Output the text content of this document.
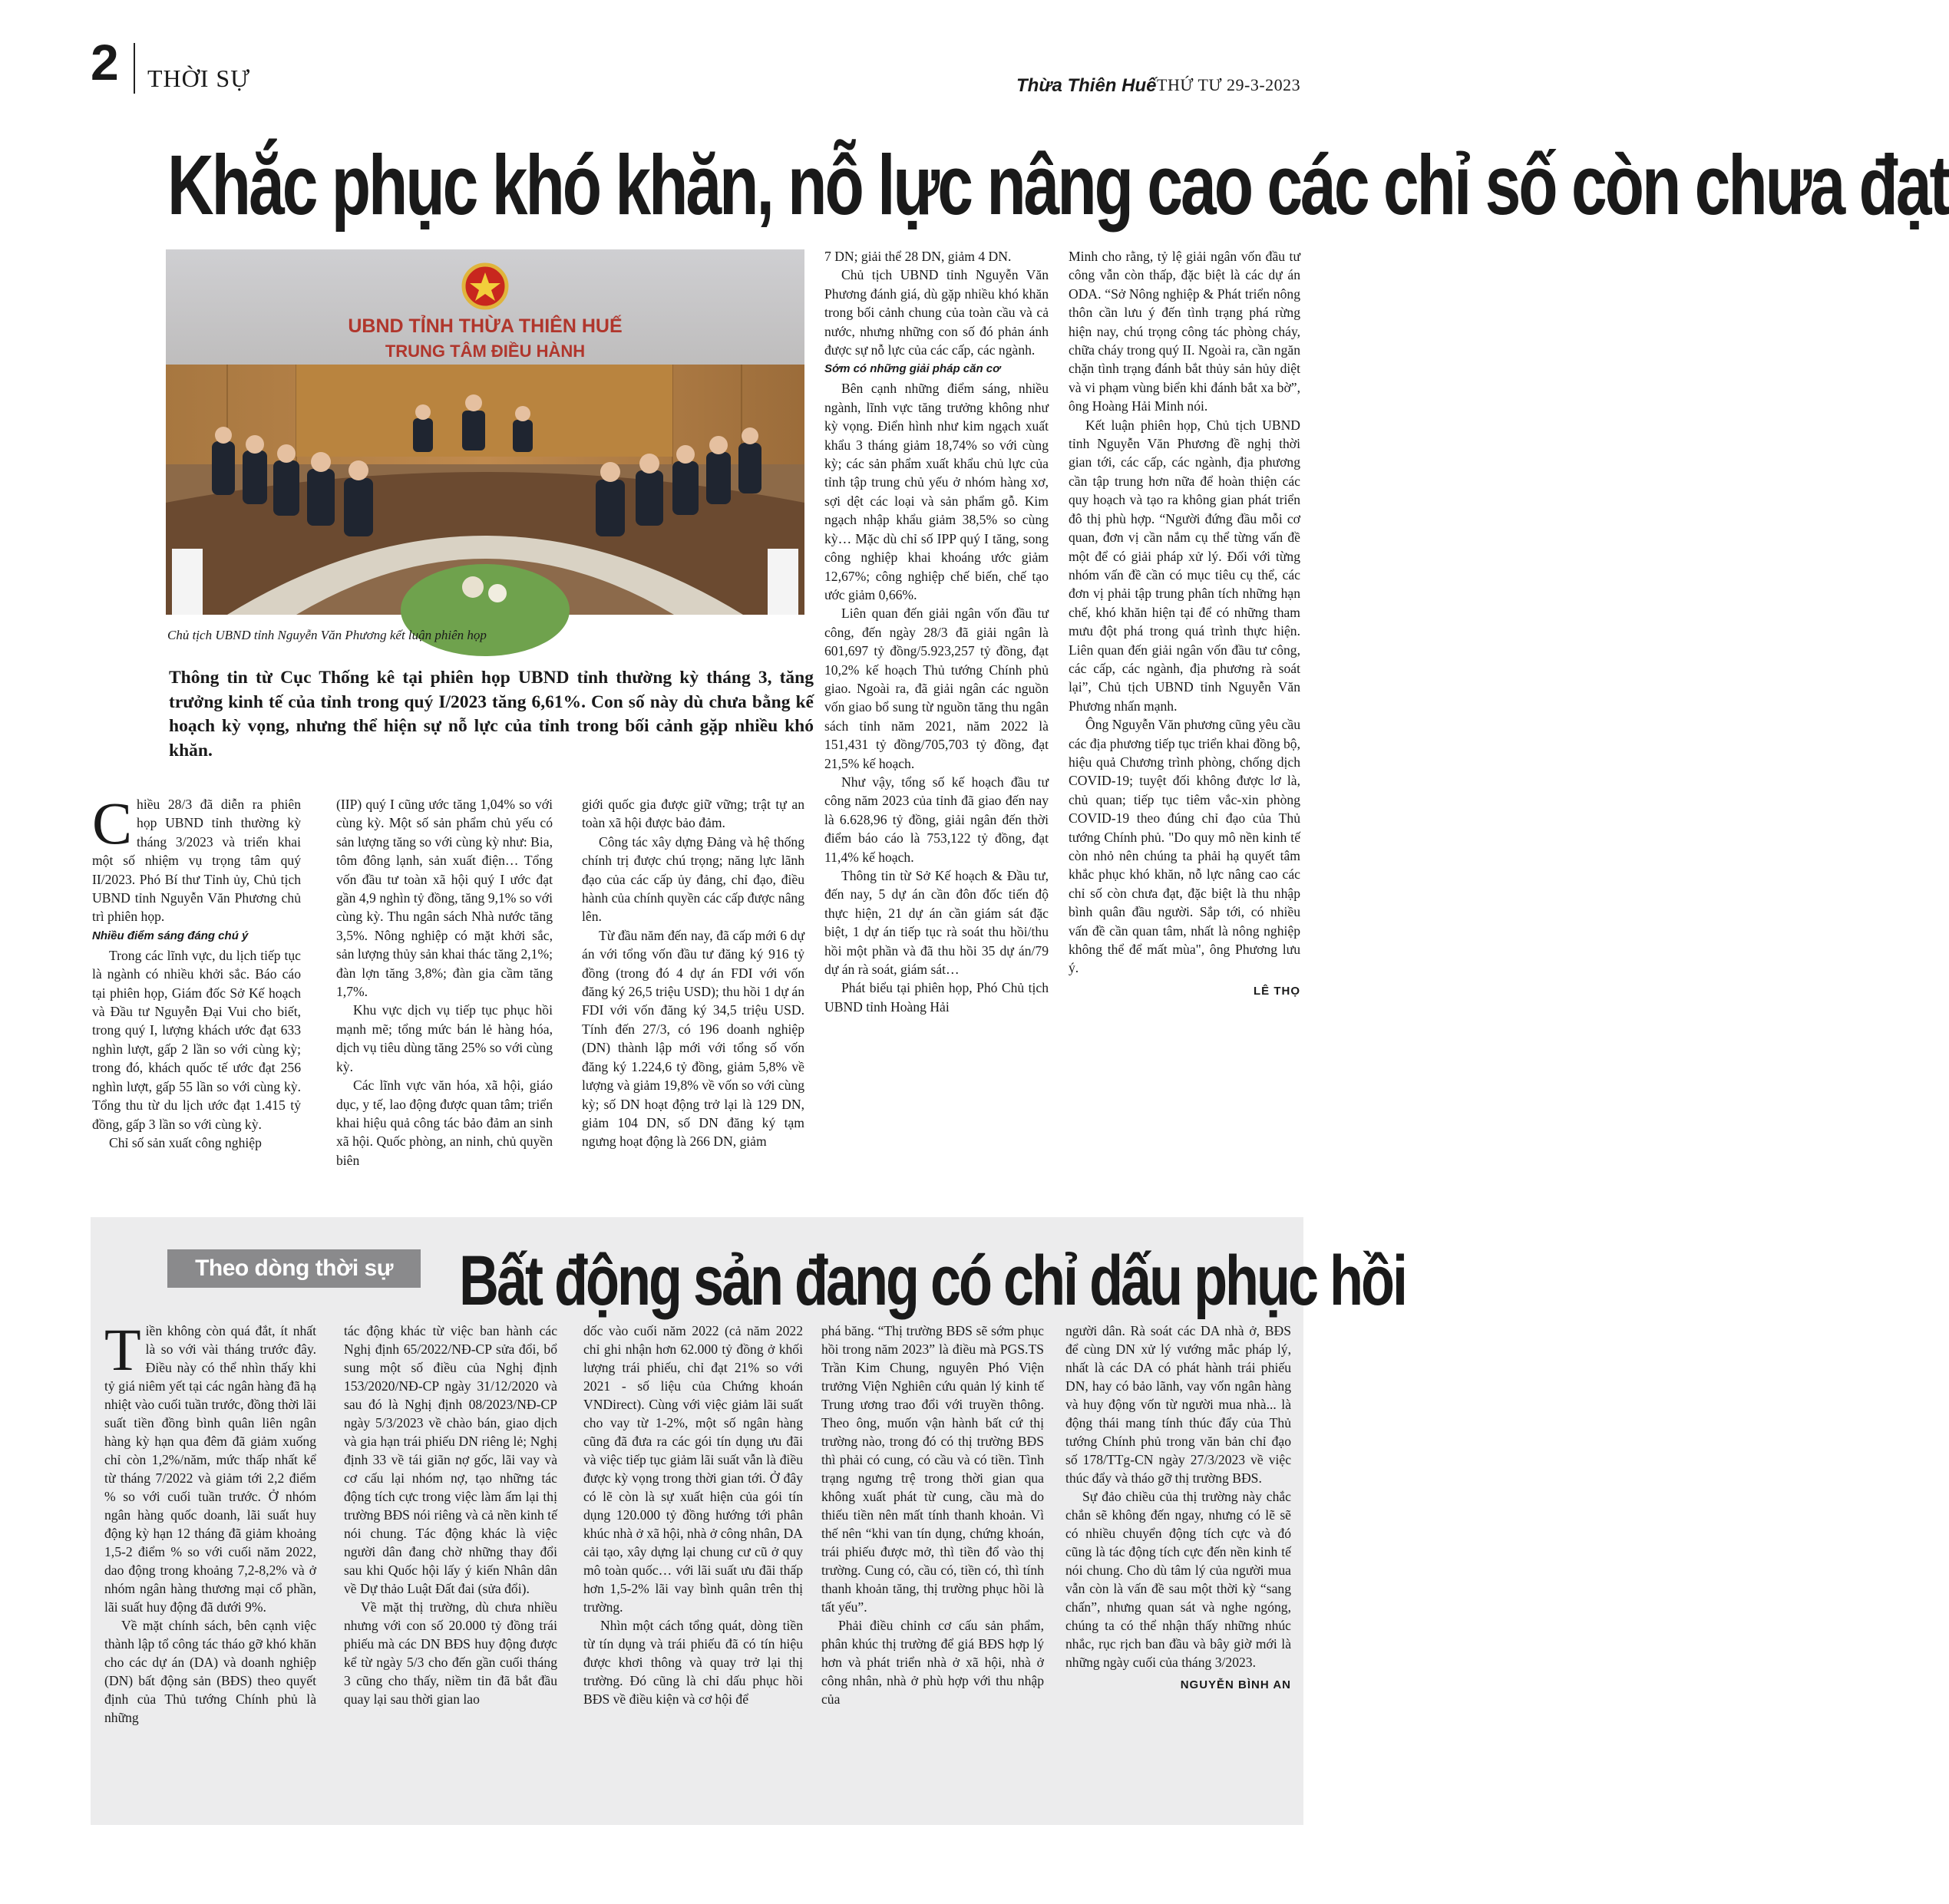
2 THỜI SỰ	Thừa Thiên Huế THỨ TƯ 29-3-2023
Khắc phục khó khăn, nỗ lực nâng cao các chỉ số còn chưa đạt
UBND TỈNH THỪA THIÊN HUẾ
TRUNG TÂM ĐIỀU HÀNH
Chủ tịch UBND tỉnh Nguyễn Văn Phương kết luận phiên họp
Thông tin từ Cục Thống kê tại phiên họp UBND tỉnh thường kỳ tháng 3, tăng trưởng kinh tế của tỉnh trong quý I/2023 tăng 6,61%. Con số này dù chưa bằng kế hoạch kỳ vọng, nhưng thể hiện sự nỗ lực của tỉnh trong bối cảnh gặp nhiều khó khăn.

Chiều 28/3 đã diễn ra phiên họp UBND tỉnh thường kỳ tháng 3/2023 và triển khai một số nhiệm vụ trọng tâm quý II/2023. Phó Bí thư Tỉnh ủy, Chủ tịch UBND tỉnh Nguyễn Văn Phương chủ trì phiên họp.

Nhiều điểm sáng đáng chú ý

Trong các lĩnh vực, du lịch tiếp tục là ngành có nhiều khởi sắc. Báo cáo tại phiên họp, Giám đốc Sở Kế hoạch và Đầu tư Nguyễn Đại Vui cho biết, trong quý I, lượng khách ước đạt 633 nghìn lượt, gấp 2 lần so với cùng kỳ; trong đó, khách quốc tế ước đạt 256 nghìn lượt, gấp 55 lần so với cùng kỳ. Tổng thu từ du lịch ước đạt 1.415 tỷ đồng, gấp 3 lần so với cùng kỳ.

Chỉ số sản xuất công nghiệp

(IIP) quý I cũng ước tăng 1,04% so với cùng kỳ. Một số sản phẩm chủ yếu có sản lượng tăng so với cùng kỳ như: Bia, tôm đông lạnh, sản xuất điện… Tổng vốn đầu tư toàn xã hội quý I ước đạt gần 4,9 nghìn tỷ đồng, tăng 9,1% so với cùng kỳ. Thu ngân sách Nhà nước tăng 3,5%. Nông nghiệp có mặt khởi sắc, sản lượng thủy sản khai thác tăng 2,1%; đàn lợn tăng 3,8%; đàn gia cầm tăng 1,7%.

Khu vực dịch vụ tiếp tục phục hồi mạnh mẽ; tổng mức bán lẻ hàng hóa, dịch vụ tiêu dùng tăng 25% so với cùng kỳ.

Các lĩnh vực văn hóa, xã hội, giáo dục, y tế, lao động được quan tâm; triển khai hiệu quả công tác bảo đảm an sinh xã hội. Quốc phòng, an ninh, chủ quyền biên

giới quốc gia được giữ vững; trật tự an toàn xã hội được bảo đảm.

Công tác xây dựng Đảng và hệ thống chính trị được chú trọng; năng lực lãnh đạo của các cấp ủy đảng, chỉ đạo, điều hành của chính quyền các cấp được nâng lên.

Từ đầu năm đến nay, đã cấp mới 6 dự án với tổng vốn đầu tư đăng ký 916 tỷ đồng (trong đó 4 dự án FDI với vốn đăng ký 26,5 triệu USD); thu hồi 1 dự án FDI với vốn đăng ký 34,5 triệu USD. Tính đến 27/3, có 196 doanh nghiệp (DN) thành lập mới với tổng số vốn đăng ký 1.224,6 tỷ đồng, giảm 5,8% về lượng và giảm 19,8% về vốn so với cùng kỳ; số DN hoạt động trở lại là 129 DN, giảm 104 DN, số DN đăng ký tạm ngưng hoạt động là 266 DN, giảm

7 DN; giải thể 28 DN, giảm 4 DN.

Chủ tịch UBND tỉnh Nguyễn Văn Phương đánh giá, dù gặp nhiều khó khăn trong bối cảnh chung của toàn cầu và cả nước, nhưng những con số đó phản ánh được sự nỗ lực của các cấp, các ngành.

Sớm có những giải pháp căn cơ

Bên cạnh những điểm sáng, nhiều ngành, lĩnh vực tăng trưởng không như kỳ vọng. Điển hình như kim ngạch xuất khẩu 3 tháng giảm 18,74% so với cùng kỳ; các sản phẩm xuất khẩu chủ lực của tỉnh tập trung chủ yếu ở nhóm hàng xơ, sợi dệt các loại và sản phẩm gỗ. Kim ngạch nhập khẩu giảm 38,5% so cùng kỳ… Mặc dù chỉ số IPP quý I tăng, song công nghiệp khai khoáng ước giảm 12,67%; công nghiệp chế biến, chế tạo ước giảm 0,66%.

Liên quan đến giải ngân vốn đầu tư công, đến ngày 28/3 đã giải ngân là 601,697 tỷ đồng/5.923,257 tỷ đồng, đạt 10,2% kế hoạch Thủ tướng Chính phủ giao. Ngoài ra, đã giải ngân các nguồn vốn giao bổ sung từ nguồn tăng thu ngân sách tỉnh năm 2021, năm 2022 là 151,431 tỷ đồng/705,703 tỷ đồng, đạt 21,5% kế hoạch.

Như vậy, tổng số kế hoạch đầu tư công năm 2023 của tỉnh đã giao đến nay là 6.628,96 tỷ đồng, giải ngân đến thời điểm báo cáo là 753,122 tỷ đồng, đạt 11,4% kế hoạch.

Thông tin từ Sở Kế hoạch & Đầu tư, đến nay, 5 dự án cần đôn đốc tiến độ thực hiện, 21 dự án cần giám sát đặc biệt, 1 dự án tiếp tục rà soát thu hồi/thu hồi một phần và đã thu hồi 35 dự án/79 dự án rà soát, giám sát…

Phát biểu tại phiên họp, Phó Chủ tịch UBND tỉnh Hoàng Hải

Minh cho rằng, tỷ lệ giải ngân vốn đầu tư công vẫn còn thấp, đặc biệt là các dự án ODA. “Sở Nông nghiệp & Phát triển nông thôn cần lưu ý đến tình trạng phá rừng hiện nay, chú trọng công tác phòng cháy, chữa cháy trong quý II. Ngoài ra, cần ngăn chặn tình trạng đánh bắt thủy sản hủy diệt và vi phạm vùng biển khi đánh bắt xa bờ”, ông Hoàng Hải Minh nói.

Kết luận phiên họp, Chủ tịch UBND tỉnh Nguyễn Văn Phương đề nghị thời gian tới, các cấp, các ngành, địa phương cần tập trung hơn nữa để hoàn thiện các quy hoạch và tạo ra không gian phát triển đô thị phù hợp. “Người đứng đầu mỗi cơ quan, đơn vị cần nắm cụ thể từng vấn đề một để có giải pháp xử lý. Đối với từng nhóm vấn đề cần có mục tiêu cụ thể, các đơn vị phải tập trung phân tích những hạn chế, khó khăn hiện tại để có những tham mưu đột phá trong quá trình thực hiện. Liên quan đến giải ngân vốn đầu tư công, các cấp, các ngành, địa phương rà soát lại”, Chủ tịch UBND tỉnh Nguyễn Văn Phương nhấn mạnh.

Ông Nguyễn Văn phương cũng yêu cầu các địa phương tiếp tục triển khai đồng bộ, hiệu quả Chương trình phòng, chống dịch COVID-19; tuyệt đối không được lơ là, chủ quan; tiếp tục tiêm vắc-xin phòng COVID-19 theo đúng chỉ đạo của Thủ tướng Chính phủ. "Do quy mô nền kinh tế còn nhỏ nên chúng ta phải hạ quyết tâm khắc phục khó khăn, nỗ lực nâng cao các chỉ số còn chưa đạt, đặc biệt là thu nhập bình quân đầu người. Sắp tới, có nhiều vấn đề cần quan tâm, nhất là nông nghiệp không thể để mất mùa", ông Phương lưu ý.

LÊ THỌ

Theo dòng thời sự	Bất động sản đang có chỉ dấu phục hồi

Tiền không còn quá đắt, ít nhất là so với vài tháng trước đây. Điều này có thể nhìn thấy khi tỷ giá niêm yết tại các ngân hàng đã hạ nhiệt vào cuối tuần trước, đồng thời lãi suất tiền đồng bình quân liên ngân hàng kỳ hạn qua đêm đã giảm xuống chỉ còn 1,2%/năm, mức thấp nhất kể từ tháng 7/2022 và giảm tới 2,2 điểm % so với cuối tuần trước. Ở nhóm ngân hàng quốc doanh, lãi suất huy động kỳ hạn 12 tháng đã giảm khoảng 1,5-2 điểm % so với cuối năm 2022, dao động trong khoảng 7,2-8,2% và ở nhóm ngân hàng thương mại cổ phần, lãi suất huy động đã dưới 9%.

Về mặt chính sách, bên cạnh việc thành lập tổ công tác tháo gỡ khó khăn cho các dự án (DA) và doanh nghiệp (DN) bất động sản (BĐS) theo quyết định của Thủ tướng Chính phủ là những

tác động khác từ việc ban hành các Nghị định 65/2022/NĐ-CP sửa đổi, bổ sung một số điều của Nghị định 153/2020/NĐ-CP ngày 31/12/2020 và sau đó là Nghị định 08/2023/NĐ-CP ngày 5/3/2023 về chào bán, giao dịch và gia hạn trái phiếu DN riêng lẻ; Nghị định 33 về tái giãn nợ gốc, lãi vay và cơ cấu lại nhóm nợ, tạo những tác động tích cực trong việc làm ấm lại thị trường BĐS nói riêng và cả nền kinh tế nói chung. Tác động khác là việc người dân đang chờ những thay đổi sau khi Quốc hội lấy ý kiến Nhân dân về Dự thảo Luật Đất đai (sửa đổi).

Về mặt thị trường, dù chưa nhiều nhưng với con số 20.000 tỷ đồng trái phiếu mà các DN BĐS huy động được kể từ ngày 5/3 cho đến gần cuối tháng 3 cũng cho thấy, niềm tin đã bắt đầu quay lại sau thời gian lao

dốc vào cuối năm 2022 (cả năm 2022 chỉ ghi nhận hơn 62.000 tỷ đồng ở khối lượng trái phiếu, chỉ đạt 21% so với 2021 - số liệu của Chứng khoán VNDirect). Cùng với việc giảm lãi suất cho vay từ 1-2%, một số ngân hàng cũng đã đưa ra các gói tín dụng ưu đãi và việc tiếp tục giảm lãi suất vẫn là điều được kỳ vọng trong thời gian tới. Ở đây có lẽ còn là sự xuất hiện của gói tín dụng 120.000 tỷ đồng hướng tới phân khúc nhà ở xã hội, nhà ở công nhân, DA cải tạo, xây dựng lại chung cư cũ ở quy mô toàn quốc… với lãi suất ưu đãi thấp hơn 1,5-2% lãi vay bình quân trên thị trường.

Nhìn một cách tổng quát, dòng tiền từ tín dụng và trái phiếu đã có tín hiệu được khơi thông và quay trở lại thị trường. Đó cũng là chỉ dấu phục hồi BĐS về điều kiện và cơ hội để

phá băng. “Thị trường BĐS sẽ sớm phục hồi trong năm 2023” là điều mà PGS.TS Trần Kim Chung, nguyên Phó Viện trưởng Viện Nghiên cứu quản lý kinh tế Trung ương trao đổi với truyền thông. Theo ông, muốn vận hành bất cứ thị trường nào, trong đó có thị trường BĐS thì phải có cung, có cầu và có tiền. Tình trạng ngưng trệ trong thời gian qua không xuất phát từ cung, cầu mà do thiếu tiền nên mất tính thanh khoản. Vì thế nên “khi van tín dụng, chứng khoán, trái phiếu được mở, thì tiền đổ vào thị trường. Cung có, cầu có, tiền có, thì tính thanh khoản tăng, thị trường phục hồi là tất yếu”.

Phải điều chỉnh cơ cấu sản phẩm, phân khúc thị trường để giá BĐS hợp lý hơn và phát triển nhà ở xã hội, nhà ở công nhân, nhà ở phù hợp với thu nhập của

người dân. Rà soát các DA nhà ở, BĐS để cùng DN xử lý vướng mắc pháp lý, nhất là các DA có phát hành trái phiếu DN, hay có bảo lãnh, vay vốn ngân hàng và huy động vốn từ người mua nhà... là động thái mang tính thúc đẩy của Thủ tướng Chính phủ trong văn bản chỉ đạo số 178/TTg-CN ngày 27/3/2023 về việc thúc đẩy và tháo gỡ thị trường BĐS.

Sự đảo chiều của thị trường này chắc chắn sẽ không đến ngay, nhưng có lẽ sẽ có nhiều chuyển động tích cực và đó cũng là tác động tích cực đến nền kinh tế nói chung. Cho dù tâm lý của người mua vẫn còn là vấn đề sau một thời kỳ “sang chấn”, nhưng quan sát và nghe ngóng, chúng ta có thể nhận thấy những nhúc nhắc, rục rịch ban đầu và bây giờ mới là những ngày cuối của tháng 3/2023.

NGUYỄN BÌNH AN
